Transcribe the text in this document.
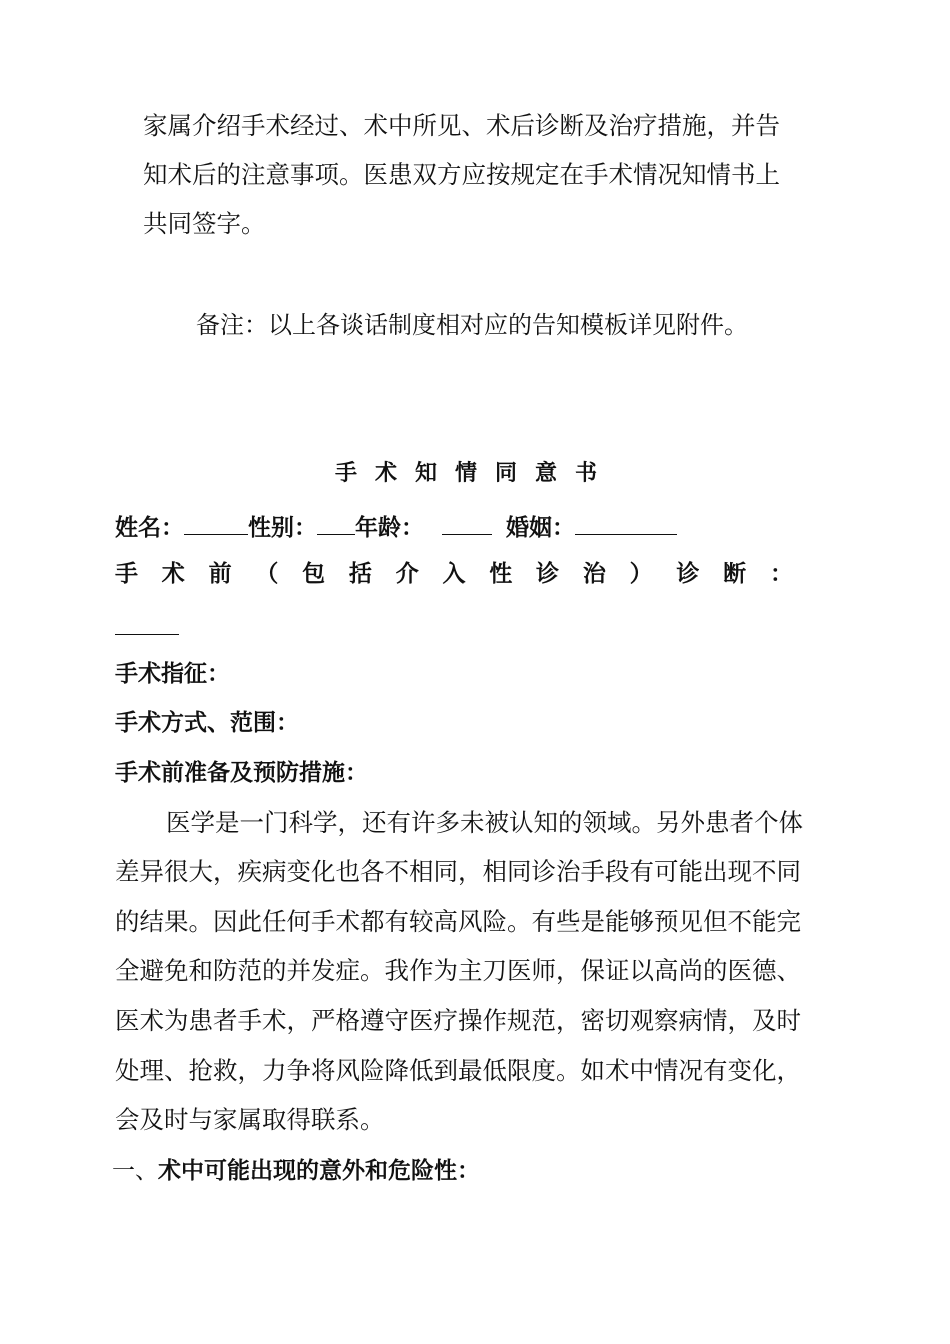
家属介绍手术经过、术中所见、术后诊断及治疗措施，并告
知术后的注意事项。医患双方应按规定在手术情况知情书上
共同签字。
备注：以上各谈话制度相对应的告知模板详见附件。
手术知情同意书
姓名：	性别： 年龄：	婚姻：
手 术 前 （ 包 括 介 入 性 诊 治 ） 诊 断 ：
手术指征：
手术方式、范围：
手术前准备及预防措施：
医学是一门科学，还有许多未被认知的领域。另外患者个体
差异很大，疾病变化也各不相同，相同诊治手段有可能出现不同
的结果。因此任何手术都有较高风险。有些是能够预见但不能完
全避免和防范的并发症。我作为主刀医师，保证以高尚的医德、
医术为患者手术，严格遵守医疗操作规范，密切观察病情，及时
处理、抢救，力争将风险降低到最低限度。如术中情况有变化，
会及时与家属取得联系。
一、术中可能出现的意外和危险性：
